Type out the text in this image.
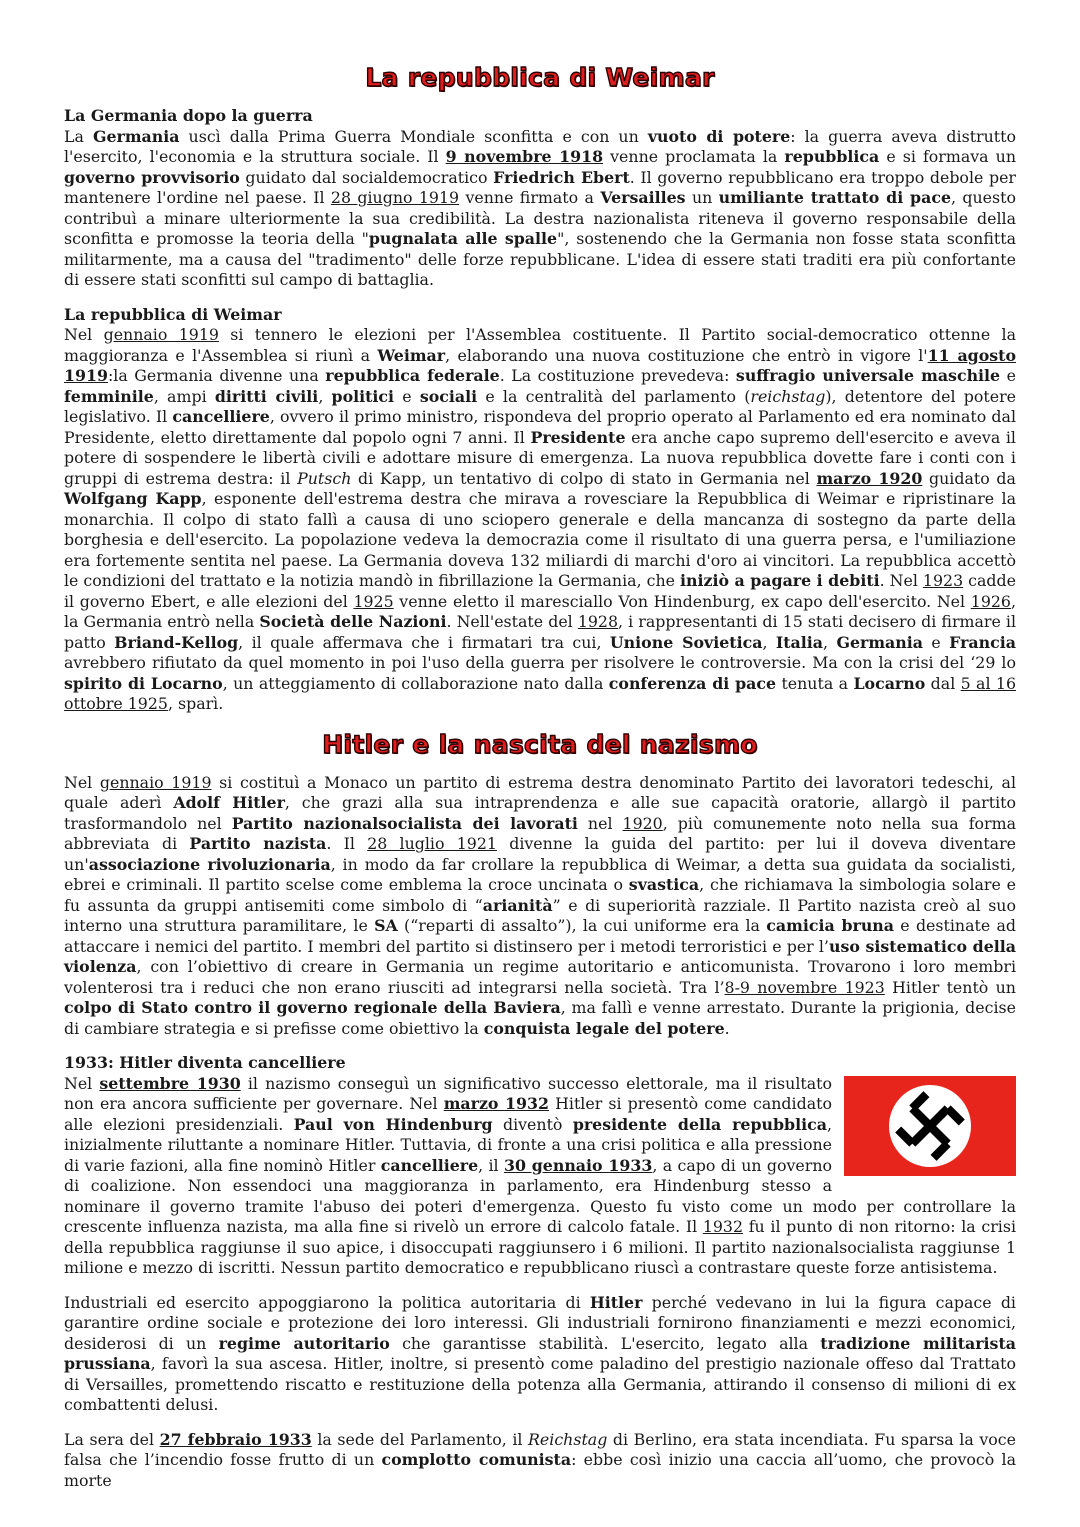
La repubblica di Weimar

La Germania dopo la guerra

La Germania uscì dalla Prima Guerra Mondiale sconfitta e con un vuoto di potere: la guerra aveva distrutto l'esercito, l'economia e la struttura sociale. Il 9 novembre 1918 venne proclamata la repubblica e si formava un governo provvisorio guidato dal socialdemocratico Friedrich Ebert. Il governo repubblicano era troppo debole per mantenere l'ordine nel paese. Il 28 giugno 1919 venne firmato a Versailles un umiliante trattato di pace, questo contribuì a minare ulteriormente la sua credibilità. La destra nazionalista riteneva il governo responsabile della sconfitta e promosse la teoria della "pugnalata alle spalle", sostenendo che la Germania non fosse stata sconfitta militarmente, ma a causa del "tradimento" delle forze repubblicane. L'idea di essere stati traditi era più confortante di essere stati sconfitti sul campo di battaglia.

La repubblica di Weimar

Nel gennaio 1919 si tennero le elezioni per l'Assemblea costituente. Il Partito social-democratico ottenne la maggioranza e l'Assemblea si riunì a Weimar, elaborando una nuova costituzione che entrò in vigore l'11 agosto 1919:la Germania divenne una repubblica federale. La costituzione prevedeva: suffragio universale maschile e femminile, ampi diritti civili, politici e sociali e la centralità del parlamento (reichstag), detentore del potere legislativo. Il cancelliere, ovvero il primo ministro, rispondeva del proprio operato al Parlamento ed era nominato dal Presidente, eletto direttamente dal popolo ogni 7 anni. Il Presidente era anche capo supremo dell'esercito e aveva il potere di sospendere le libertà civili e adottare misure di emergenza. La nuova repubblica dovette fare i conti con i gruppi di estrema destra: il Putsch di Kapp, un tentativo di colpo di stato in Germania nel marzo 1920 guidato da Wolfgang Kapp, esponente dell'estrema destra che mirava a rovesciare la Repubblica di Weimar e ripristinare la monarchia. Il colpo di stato fallì a causa di uno sciopero generale e della mancanza di sostegno da parte della borghesia e dell'esercito. La popolazione vedeva la democrazia come il risultato di una guerra persa, e l'umiliazione era fortemente sentita nel paese. La Germania doveva 132 miliardi di marchi d'oro ai vincitori. La repubblica accettò le condizioni del trattato e la notizia mandò in fibrillazione la Germania, che iniziò a pagare i debiti. Nel 1923 cadde il governo Ebert, e alle elezioni del 1925 venne eletto il maresciallo Von Hindenburg, ex capo dell'esercito. Nel 1926, la Germania entrò nella Società delle Nazioni. Nell'estate del 1928, i rappresentanti di 15 stati decisero di firmare il patto Briand-Kellog, il quale affermava che i firmatari tra cui, Unione Sovietica, Italia, Germania e Francia avrebbero rifiutato da quel momento in poi l'uso della guerra per risolvere le controversie. Ma con la crisi del ‘29 lo spirito di Locarno, un atteggiamento di collaborazione nato dalla conferenza di pace tenuta a Locarno dal 5 al 16 ottobre 1925, sparì.

Hitler e la nascita del nazismo

Nel gennaio 1919 si costituì a Monaco un partito di estrema destra denominato Partito dei lavoratori tedeschi, al quale aderì Adolf Hitler, che grazi alla sua intraprendenza e alle sue capacità oratorie, allargò il partito trasformandolo nel Partito nazionalsocialista dei lavorati nel 1920, più comunemente noto nella sua forma abbreviata di Partito nazista. Il 28 luglio 1921 divenne la guida del partito: per lui il doveva diventare un'associazione rivoluzionaria, in modo da far crollare la repubblica di Weimar, a detta sua guidata da socialisti, ebrei e criminali. Il partito scelse come emblema la croce uncinata o svastica, che richiamava la simbologia solare e fu assunta da gruppi antisemiti come simbolo di “arianità” e di superiorità razziale. Il Partito nazista creò al suo interno una struttura paramilitare, le SA (“reparti di assalto”), la cui uniforme era la camicia bruna e destinate ad attaccare i nemici del partito. I membri del partito si distinsero per i metodi terroristici e per l’uso sistematico della violenza, con l’obiettivo di creare in Germania un regime autoritario e anticomunista. Trovarono i loro membri volenterosi tra i reduci che non erano riusciti ad integrarsi nella società. Tra l’8-9 novembre 1923 Hitler tentò un colpo di Stato contro il governo regionale della Baviera, ma fallì e venne arrestato. Durante la prigionia, decise di cambiare strategia e si prefisse come obiettivo la conquista legale del potere.

1933: Hitler diventa cancelliere

Nel settembre 1930 il nazismo conseguì un significativo successo elettorale, ma il risultato non era ancora sufficiente per governare. Nel marzo 1932 Hitler si presentò come candidato alle elezioni presidenziali. Paul von Hindenburg diventò presidente della repubblica, inizialmente riluttante a nominare Hitler. Tuttavia, di fronte a una crisi politica e alla pressione di varie fazioni, alla fine nominò Hitler cancelliere, il 30 gennaio 1933, a capo di un governo di coalizione. Non essendoci una maggioranza in parlamento, era Hindenburg stesso a nominare il governo tramite l'abuso dei poteri d'emergenza. Questo fu visto come un modo per controllare la crescente influenza nazista, ma alla fine si rivelò un errore di calcolo fatale. Il 1932 fu il punto di non ritorno: la crisi della repubblica raggiunse il suo apice, i disoccupati raggiunsero i 6 milioni. Il partito nazionalsocialista raggiunse 1 milione e mezzo di iscritti. Nessun partito democratico e repubblicano riuscì a contrastare queste forze antisistema.

Industriali ed esercito appoggiarono la politica autoritaria di Hitler perché vedevano in lui la figura capace di garantire ordine sociale e protezione dei loro interessi. Gli industriali fornirono finanziamenti e mezzi economici, desiderosi di un regime autoritario che garantisse stabilità. L'esercito, legato alla tradizione militarista prussiana, favorì la sua ascesa. Hitler, inoltre, si presentò come paladino del prestigio nazionale offeso dal Trattato di Versailles, promettendo riscatto e restituzione della potenza alla Germania, attirando il consenso di milioni di ex combattenti delusi.

La sera del 27 febbraio 1933 la sede del Parlamento, il Reichstag di Berlino, era stata incendiata. Fu sparsa la voce falsa che l’incendio fosse frutto di un complotto comunista: ebbe così inizio una caccia all’uomo, che provocò la morte
